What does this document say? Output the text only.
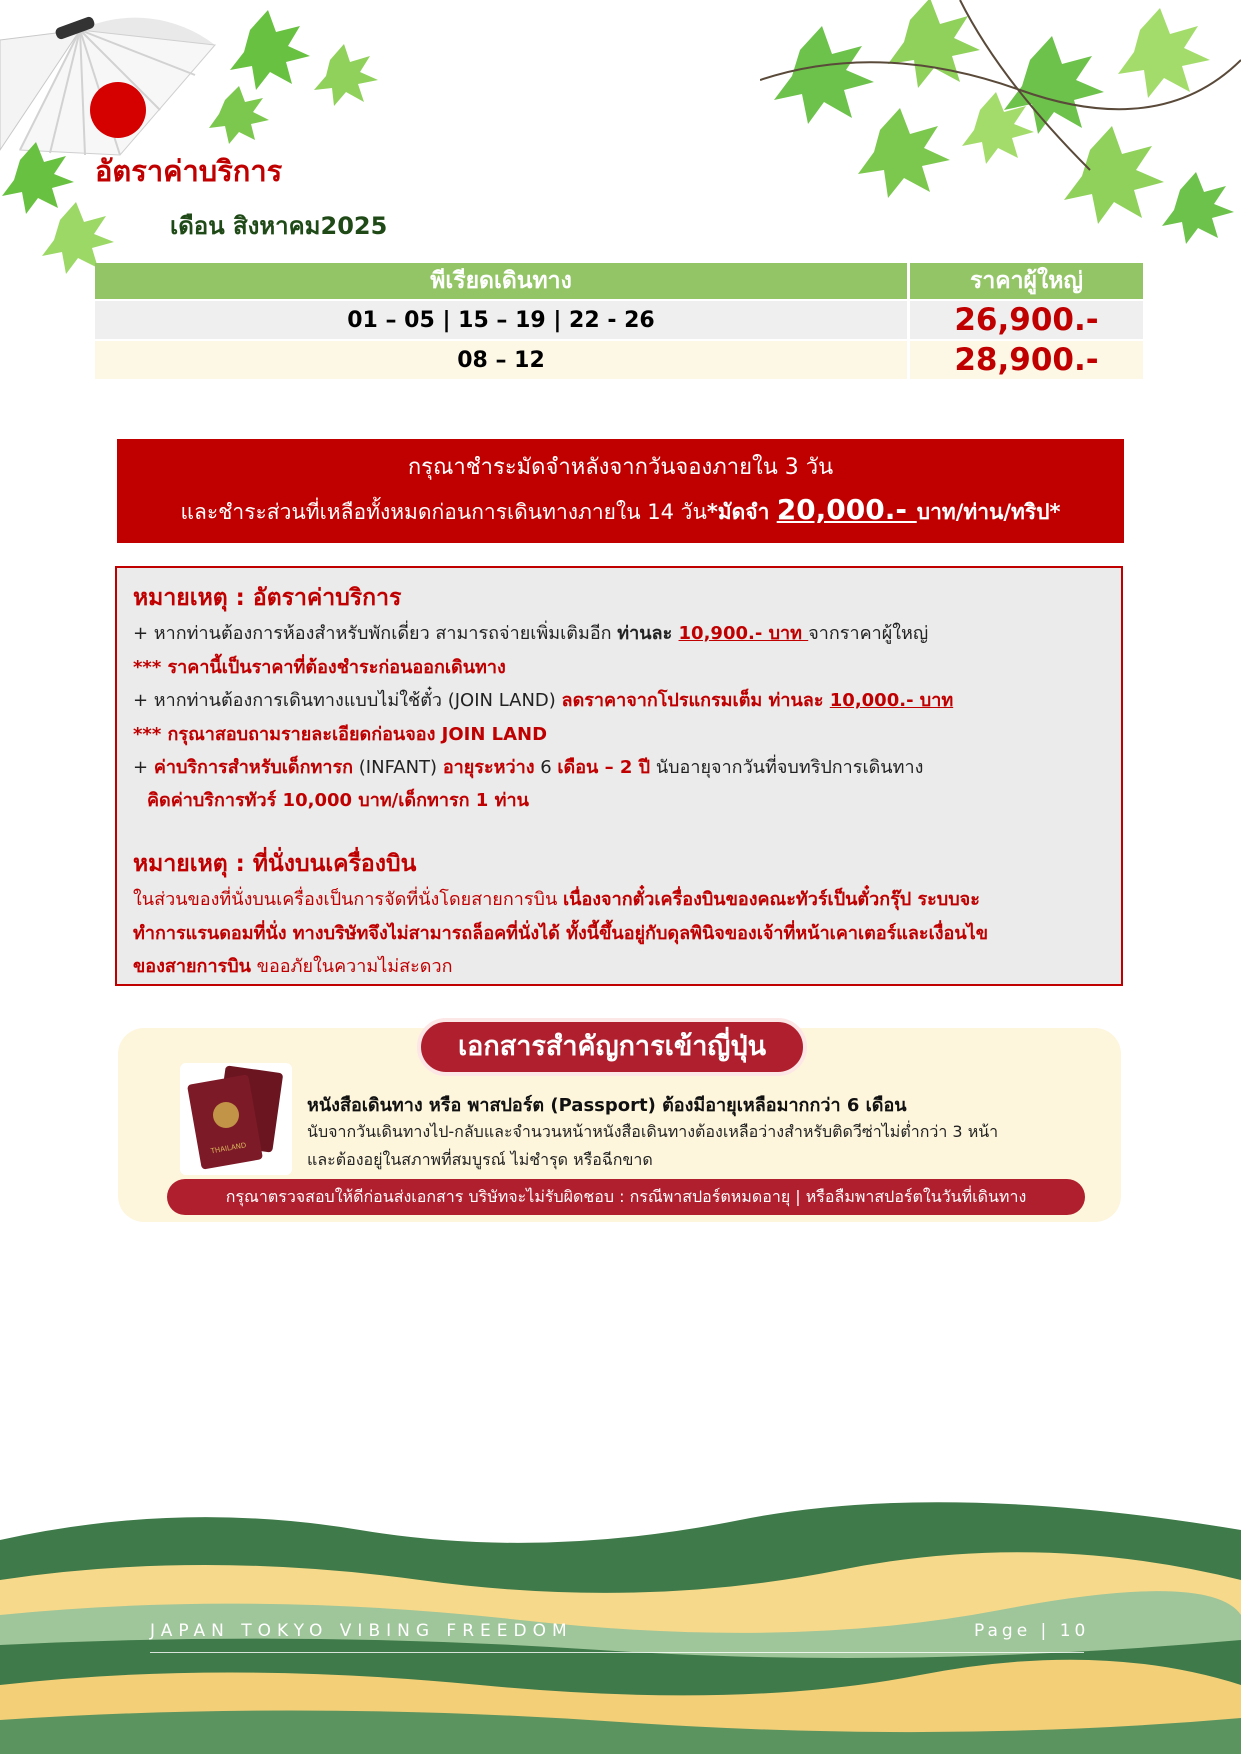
อัตราค่าบริการ
เดือน สิงหาคม2025
พีเรียดเดินทาง	ราคาผู้ใหญ่
01 – 05 | 15 – 19 | 22 - 26	26,900.-
08 – 12	28,900.-
กรุณาชำระมัดจำหลังจากวันจองภายใน 3 วัน
และชำระส่วนที่เหลือทั้งหมดก่อนการเดินทางภายใน 14 วัน*มัดจำ 20,000.- บาท/ท่าน/ทริป*
หมายเหตุ : อัตราค่าบริการ
+ หากท่านต้องการห้องสำหรับพักเดี่ยว สามารถจ่ายเพิ่มเติมอีก ท่านละ 10,900.- บาท จากราคาผู้ใหญ่
*** ราคานี้เป็นราคาที่ต้องชำระก่อนออกเดินทาง
+ หากท่านต้องการเดินทางแบบไม่ใช้ตั๋ว (JOIN LAND) ลดราคาจากโปรแกรมเต็ม ท่านละ 10,000.- บาท
*** กรุณาสอบถามรายละเอียดก่อนจอง JOIN LAND
+ ค่าบริการสำหรับเด็กทารก (INFANT) อายุระหว่าง 6 เดือน – 2 ปี นับอายุจากวันที่จบทริปการเดินทาง
คิดค่าบริการทัวร์ 10,000 บาท/เด็กทารก 1 ท่าน
หมายเหตุ : ที่นั่งบนเครื่องบิน
ในส่วนของที่นั่งบนเครื่องเป็นการจัดที่นั่งโดยสายการบิน เนื่องจากตั๋วเครื่องบินของคณะทัวร์เป็นตั๋วกรุ๊ป ระบบจะ
ทำการแรนดอมที่นั่ง ทางบริษัทจึงไม่สามารถล็อคที่นั่งได้ ทั้งนี้ขึ้นอยู่กับดุลพินิจของเจ้าที่หน้าเคาเตอร์และเงื่อนไข
ของสายการบิน ขออภัยในความไม่สะดวก
เอกสารสำคัญการเข้าญี่ปุ่น
THAILAND
หนังสือเดินทาง หรือ พาสปอร์ต (Passport) ต้องมีอายุเหลือมากกว่า 6 เดือน
นับจากวันเดินทางไป-กลับและจำนวนหน้าหนังสือเดินทางต้องเหลือว่างสำหรับติดวีซ่าไม่ต่ำกว่า 3 หน้า
และต้องอยู่ในสภาพที่สมบูรณ์ ไม่ชำรุด หรือฉีกขาด
กรุณาตรวจสอบให้ดีก่อนส่งเอกสาร บริษัทจะไม่รับผิดชอบ : กรณีพาสปอร์ตหมดอายุ | หรือลืมพาสปอร์ตในวันที่เดินทาง
JAPAN TOKYO VIBING FREEDOM	Page | 10
